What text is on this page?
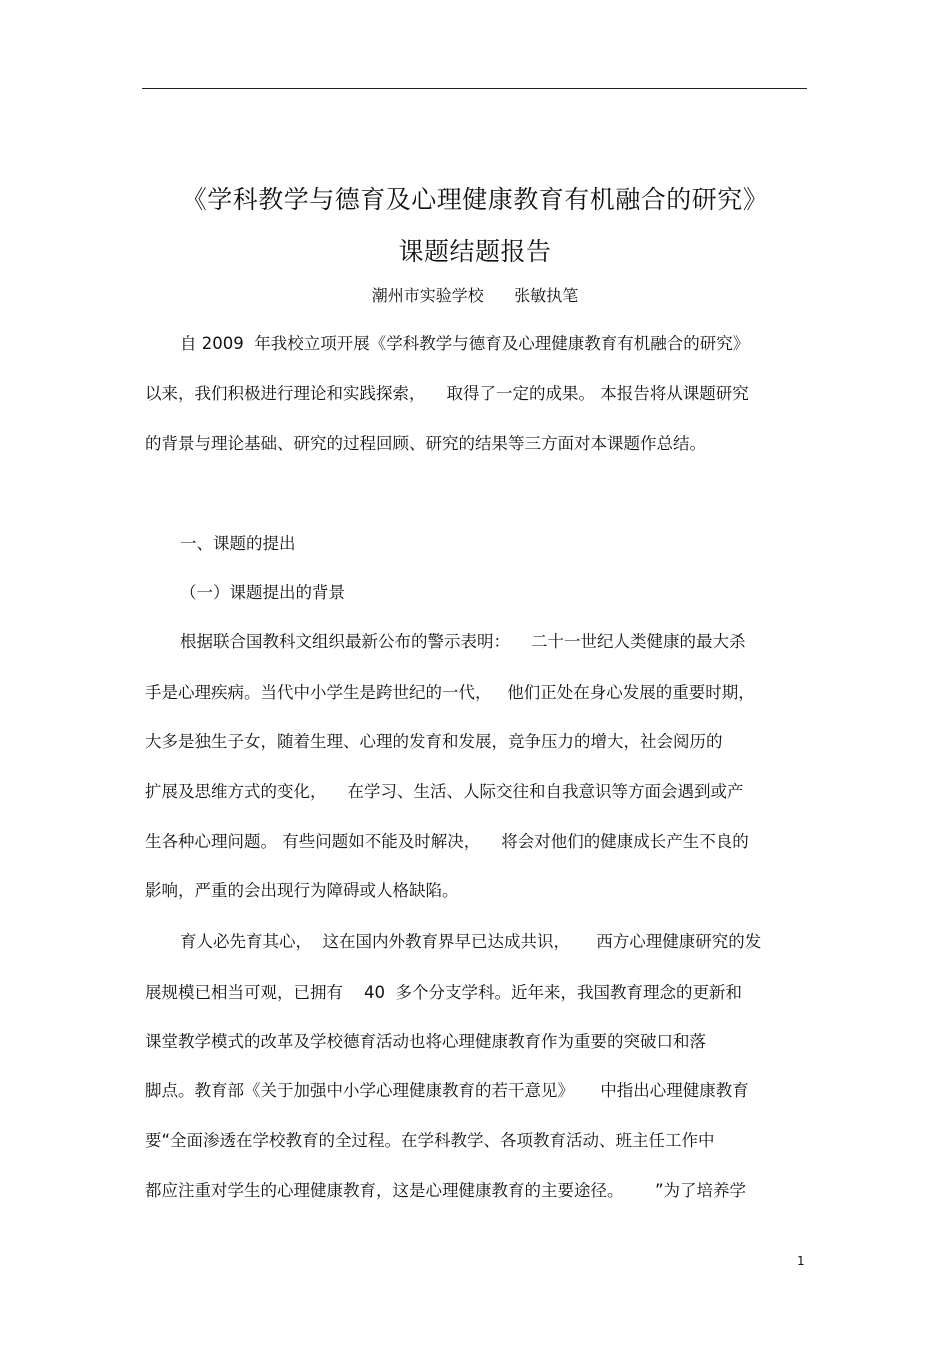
《学科教学与德育及心理健康教育有机融合的研究》
课题结题报告
潮州市实验学校      张敏执笔
自 2009  年我校立项开展《学科教学与德育及心理健康教育有机融合的研究》
以来，我们积极进行理论和实践探索，    取得了一定的成果。 本报告将从课题研究
的背景与理论基础、研究的过程回顾、研究的结果等三方面对本课题作总结。
一、课题的提出
（一）课题提出的背景
根据联合国教科文组织最新公布的警示表明：    二十一世纪人类健康的最大杀
手是心理疾病。当代中小学生是跨世纪的一代，   他们正处在身心发展的重要时期，
大多是独生子女，随着生理、心理的发育和发展，竞争压力的增大，社会阅历的
扩展及思维方式的变化，    在学习、生活、人际交往和自我意识等方面会遇到或产
生各种心理问题。 有些问题如不能及时解决，    将会对他们的健康成长产生不良的
影响，严重的会出现行为障碍或人格缺陷。
育人必先育其心，  这在国内外教育界早已达成共识，     西方心理健康研究的发
展规模已相当可观，已拥有    40  多个分支学科。近年来，我国教育理念的更新和
课堂教学模式的改革及学校德育活动也将心理健康教育作为重要的突破口和落
脚点。教育部《关于加强中小学心理健康教育的若干意见》     中指出心理健康教育
要“全面渗透在学校教育的全过程。在学科教学、各项教育活动、班主任工作中
都应注重对学生的心理健康教育，这是心理健康教育的主要途径。      ”为了培养学
1
